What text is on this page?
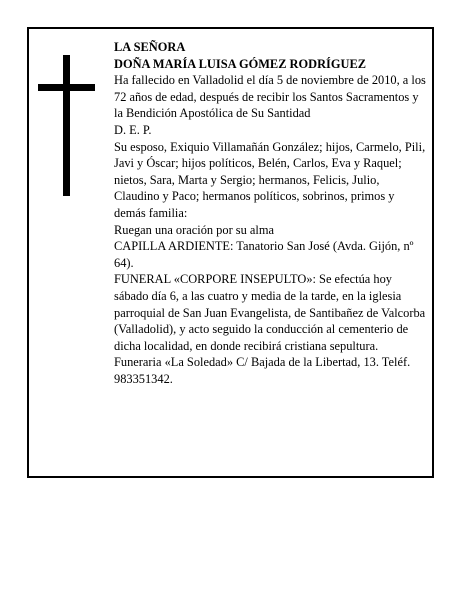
LA SEÑORA

DOÑA MARÍA LUISA GÓMEZ RODRÍGUEZ

Ha fallecido en Valladolid el día 5 de noviembre de 2010, a los 72 años de edad, después de recibir los Santos Sacramentos y la Bendición Apostólica de Su Santidad

D. E. P.

Su esposo, Exiquio Villamañán González; hijos, Carmelo, Pili, Javi y Óscar; hijos políticos, Belén, Carlos, Eva y Raquel; nietos, Sara, Marta y Sergio; hermanos, Felicis, Julio, Claudino y Paco; hermanos políticos, sobrinos, primos y demás familia:

Ruegan una oración por su alma

CAPILLA ARDIENTE: Tanatorio San José (Avda. Gijón, nº 64).

FUNERAL «CORPORE INSEPULTO»: Se efectúa hoy sábado día 6, a las cuatro y media de la tarde, en la iglesia parroquial de San Juan Evangelista, de Santibañez de Valcorba (Valladolid), y acto seguido la conducción al cementerio de dicha localidad, en donde recibirá cristiana sepultura.

Funeraria «La Soledad» C/ Bajada de la Libertad, 13. Teléf. 983351342.
